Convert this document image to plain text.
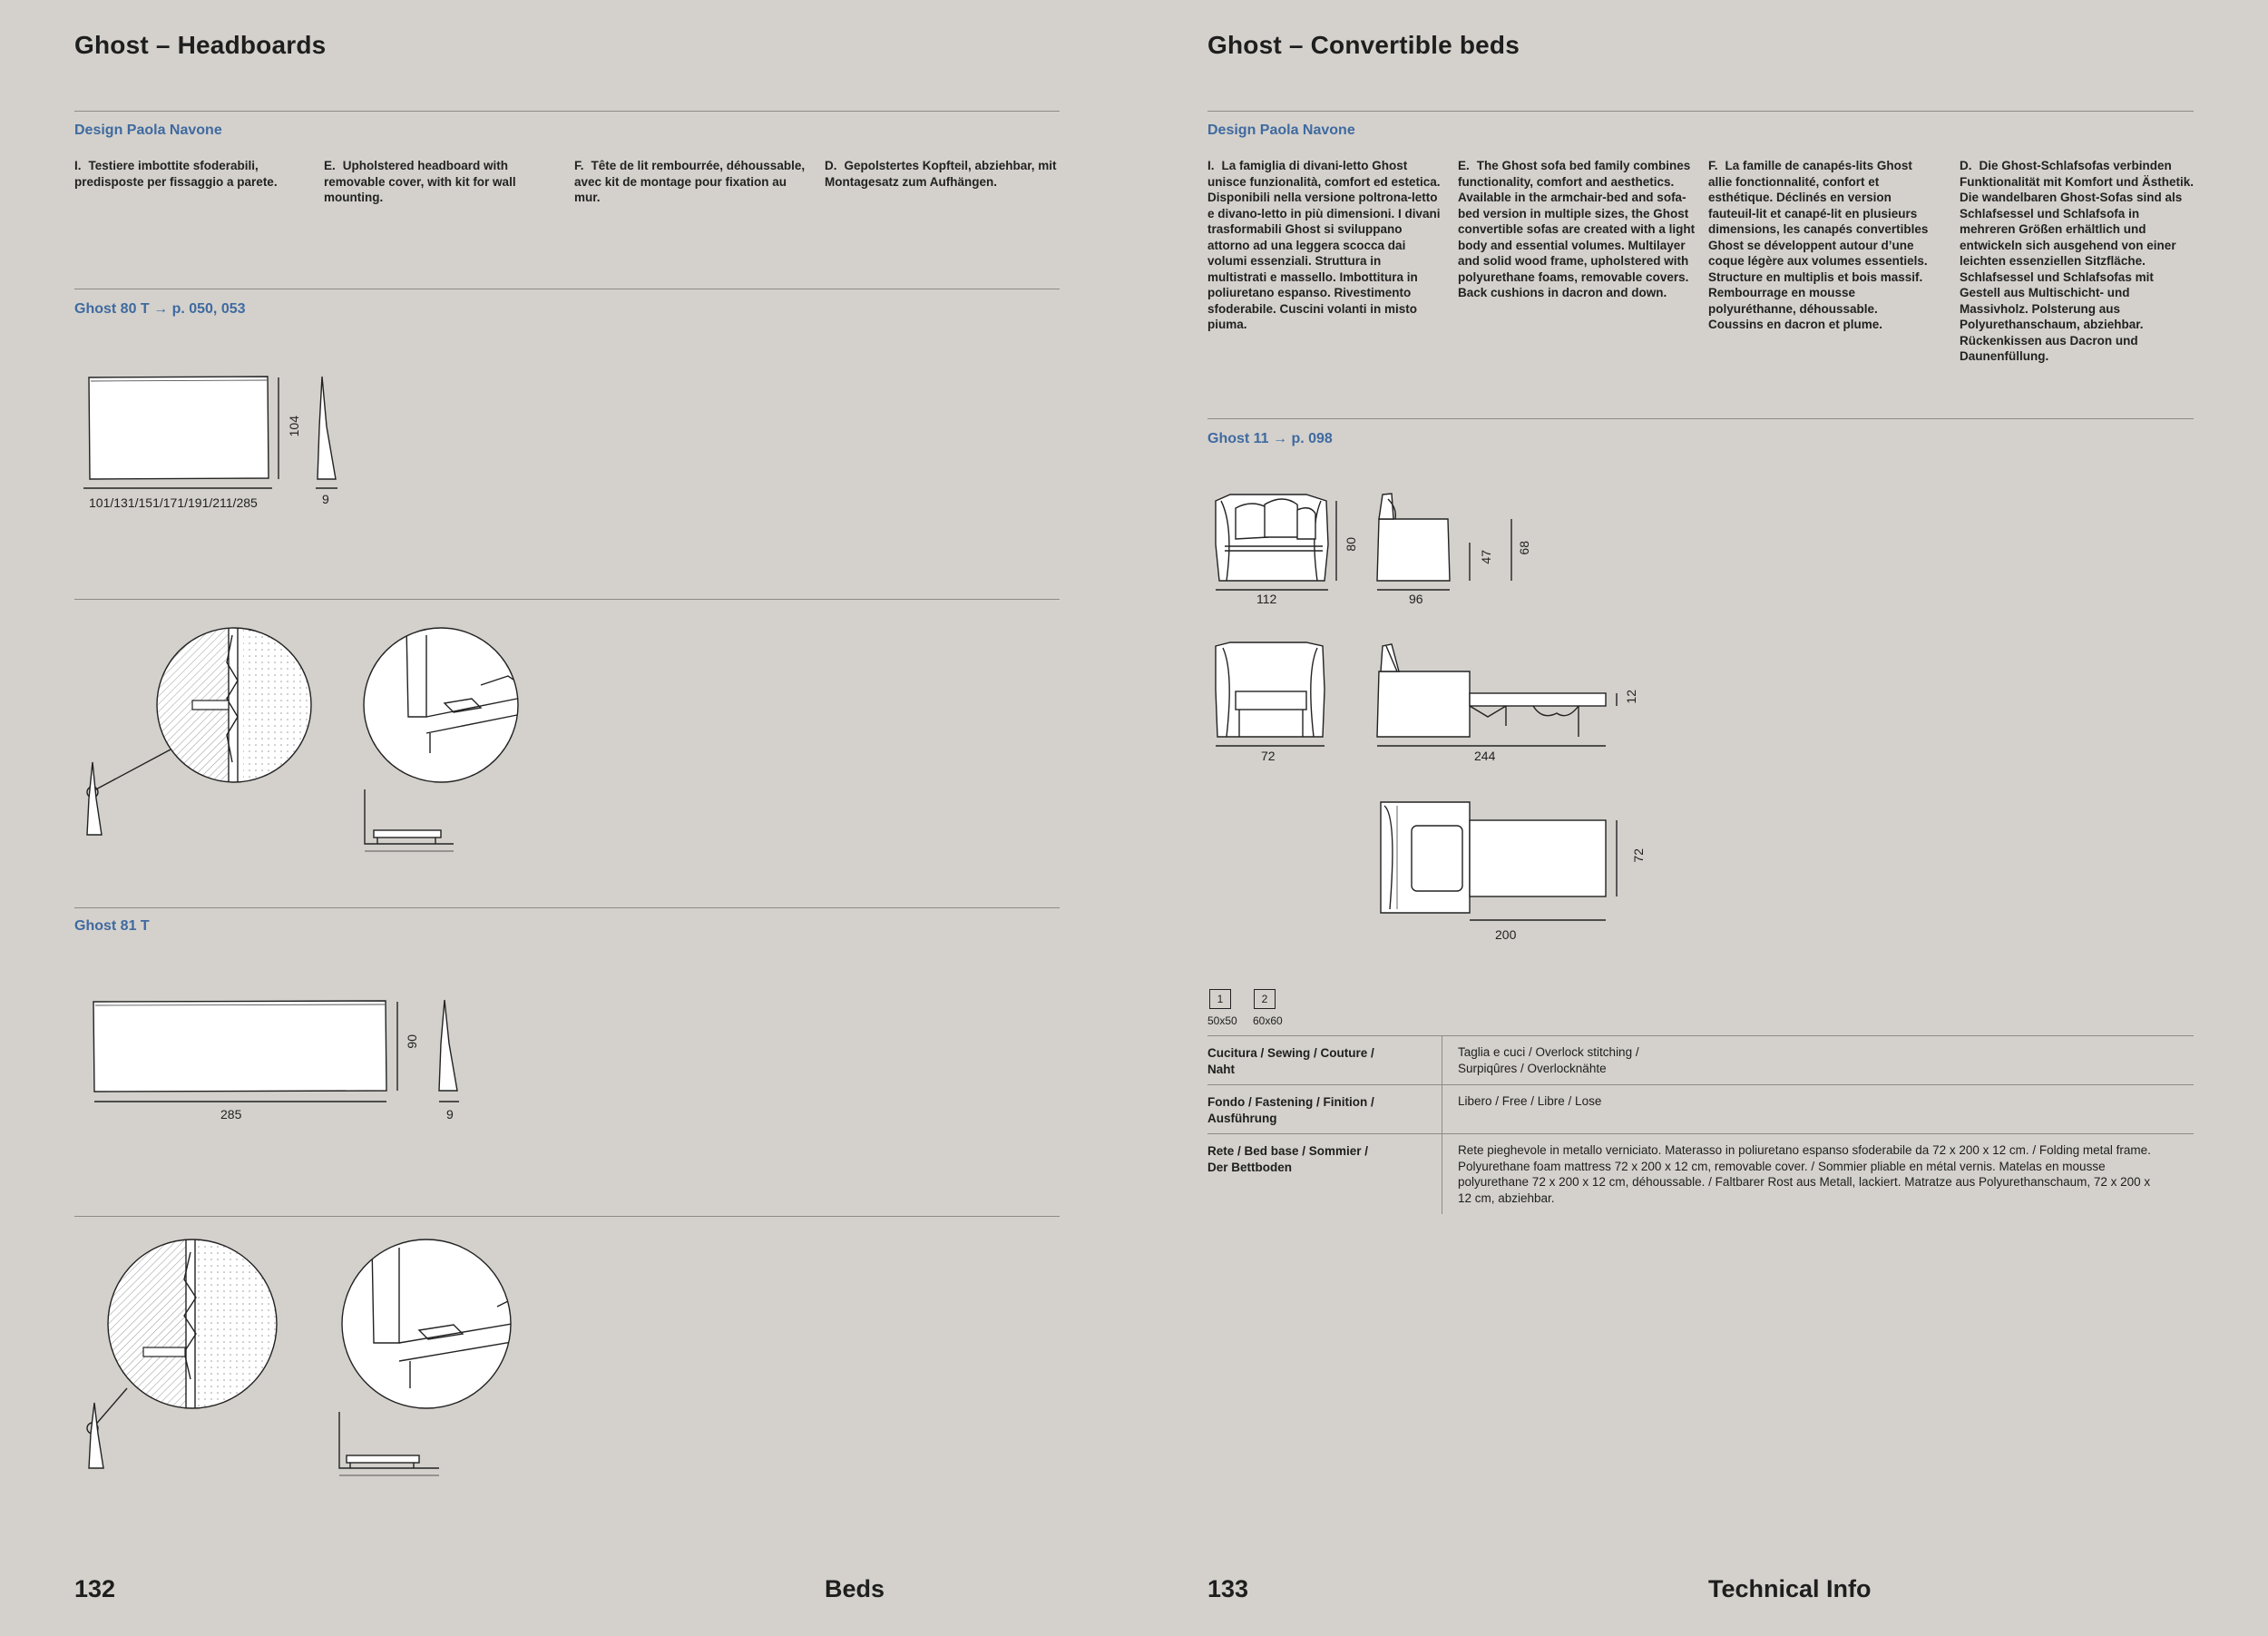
Ghost – Headboards
Design Paola Navone
I. Testiere imbottite sfoderabili, predisposte per fissaggio a parete.
E. Upholstered headboard with removable cover, with kit for wall mounting.
F. Tête de lit rembourrée, déhoussable, avec kit de montage pour fixation au mur.
D. Gepolstertes Kopfteil, abziehbar, mit Montagesatz zum Aufhängen.
Ghost 80 T → p. 050, 053
101/131/151/171/191/211/285
104
9
Ghost 81 T
285
90
9
132	Beds
Ghost – Convertible beds
Design Paola Navone
I. La famiglia di divani-letto Ghost unisce funzionalità, comfort ed estetica. Disponibili nella versione poltrona-letto e divano-letto in più dimensioni. I divani trasformabili Ghost si sviluppano attorno ad una leggera scocca dai volumi essenziali. Struttura in multistrati e massello. Imbottitura in poliuretano espanso. Rivestimento sfoderabile. Cuscini volanti in misto piuma.
E. The Ghost sofa bed family combines functionality, comfort and aesthetics. Available in the armchair-bed and sofa-bed version in multiple sizes, the Ghost convertible sofas are created with a light body and essential volumes. Multilayer and solid wood frame, upholstered with polyurethane foams, removable covers. Back cushions in dacron and down.
F. La famille de canapés-lits Ghost allie fonctionnalité, confort et esthétique. Déclinés en version fauteuil-lit et canapé-lit en plusieurs dimensions, les canapés convertibles Ghost se développent autour d’une coque légère aux volumes essentiels. Structure en multiplis et bois massif. Rembourrage en mousse polyuréthanne, déhoussable. Coussins en dacron et plume.
D. Die Ghost-Schlafsofas verbinden Funktionalität mit Komfort und Ästhetik. Die wandelbaren Ghost-Sofas sind als Schlafsessel und Schlafsofa in mehreren Größen erhältlich und entwickeln sich ausgehend von einer leichten essenziellen Sitzfläche. Schlafsessel und Schlafsofas mit Gestell aus Multischicht- und Massivholz. Polsterung aus Polyurethanschaum, abziehbar. Rückenkissen aus Dacron und Daunenfüllung.
Ghost 11 → p. 098
112
80
96
47
68
72	244
12
72
200
1	2
50x50 60x60
Cucitura / Sewing / Couture / Naht
Taglia e cuci / Overlock stitching / Surpiqûres / Overlocknähte
Fondo / Fastening / Finition / Ausführung
Libero / Free / Libre / Lose
Rete / Bed base / Sommier / Der Bettboden
Rete pieghevole in metallo verniciato. Materasso in poliuretano espanso sfoderabile da 72 x 200 x 12 cm. / Folding metal frame. Polyurethane foam mattress 72 x 200 x 12 cm, removable cover. / Sommier pliable en métal vernis. Matelas en mousse polyurethane 72 x 200 x 12 cm, déhoussable. / Faltbarer Rost aus Metall, lackiert. Matratze aus Polyurethanschaum, 72 x 200 x 12 cm, abziehbar.
133	Technical Info
